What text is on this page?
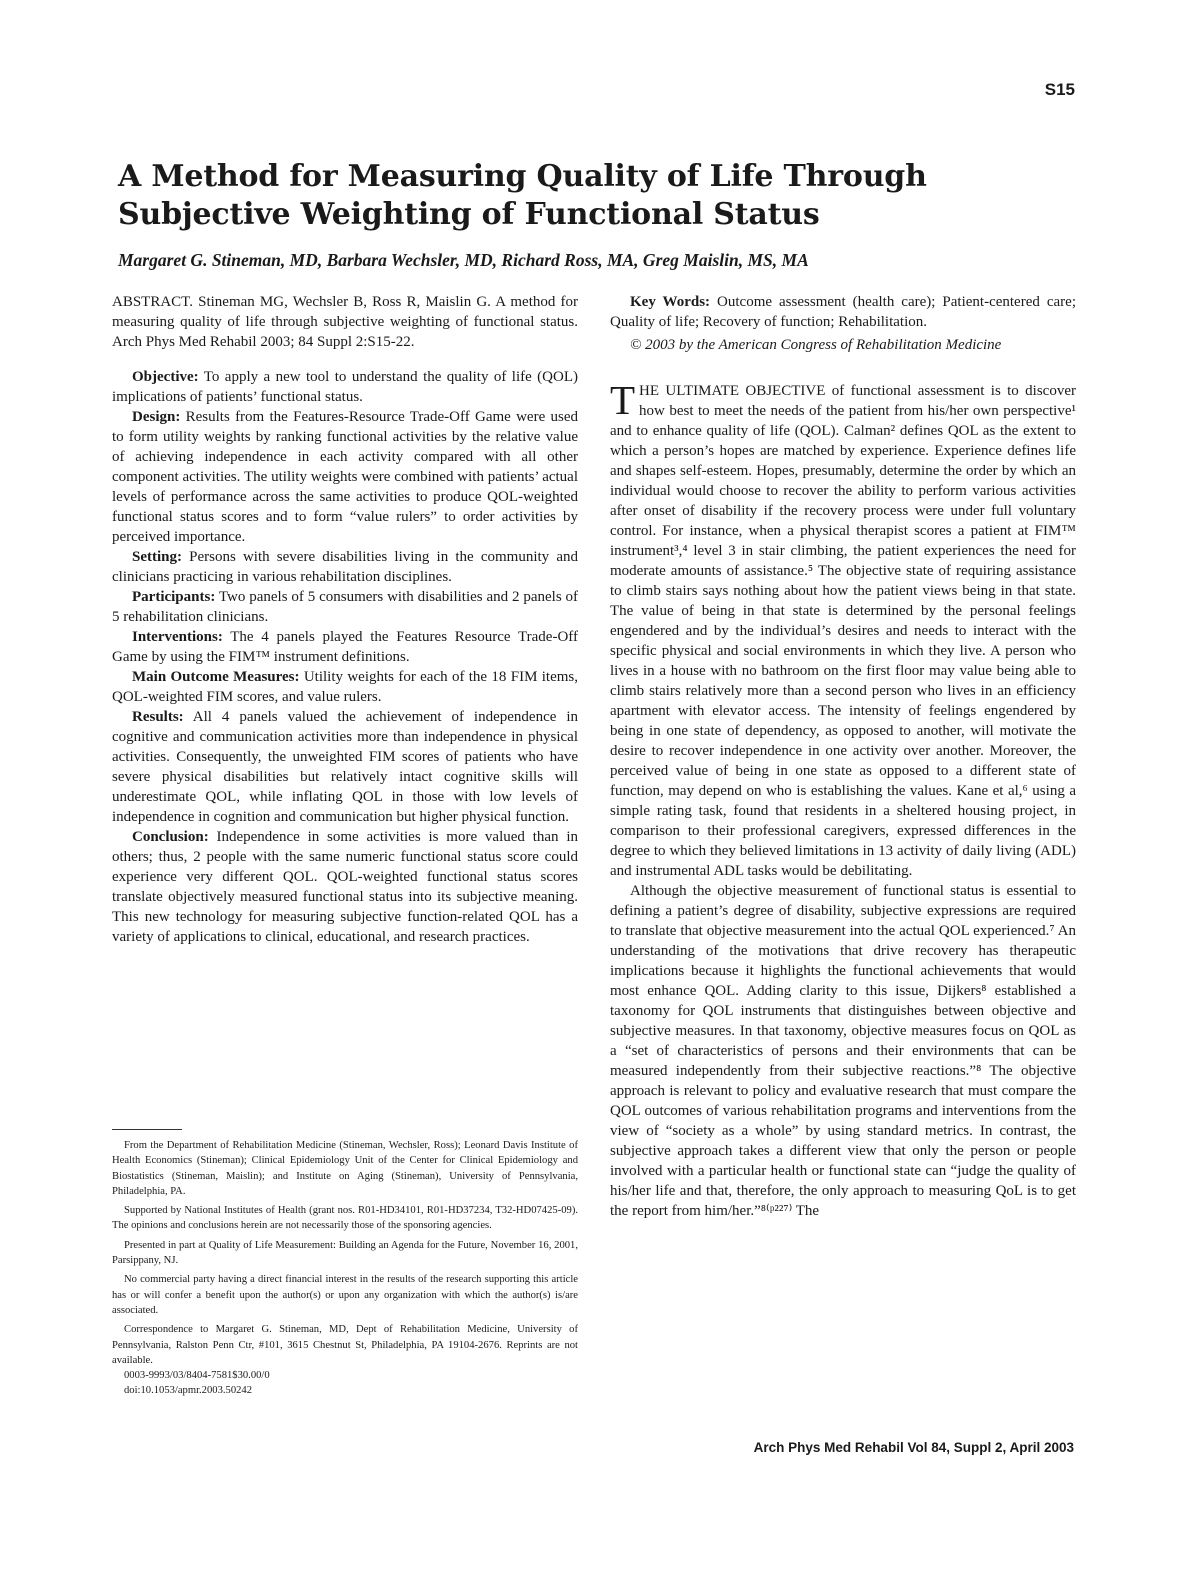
S15
A Method for Measuring Quality of Life Through Subjective Weighting of Functional Status

Margaret G. Stineman, MD, Barbara Wechsler, MD, Richard Ross, MA, Greg Maislin, MS, MA

ABSTRACT. Stineman MG, Wechsler B, Ross R, Maislin G. A method for measuring quality of life through subjective weighting of functional status. Arch Phys Med Rehabil 2003; 84 Suppl 2:S15-22.

Objective: To apply a new tool to understand the quality of life (QOL) implications of patients’ functional status.

Design: Results from the Features-Resource Trade-Off Game were used to form utility weights by ranking functional activities by the relative value of achieving independence in each activity compared with all other component activities. The utility weights were combined with patients’ actual levels of performance across the same activities to produce QOL-weighted functional status scores and to form “value rulers” to order activities by perceived importance.

Setting: Persons with severe disabilities living in the community and clinicians practicing in various rehabilitation disciplines.

Participants: Two panels of 5 consumers with disabilities and 2 panels of 5 rehabilitation clinicians.

Interventions: The 4 panels played the Features Resource Trade-Off Game by using the FIM™ instrument definitions.

Main Outcome Measures: Utility weights for each of the 18 FIM items, QOL-weighted FIM scores, and value rulers.

Results: All 4 panels valued the achievement of independence in cognitive and communication activities more than independence in physical activities. Consequently, the unweighted FIM scores of patients who have severe physical disabilities but relatively intact cognitive skills will underestimate QOL, while inflating QOL in those with low levels of independence in cognition and communication but higher physical function.

Conclusion: Independence in some activities is more valued than in others; thus, 2 people with the same numeric functional status score could experience very different QOL. QOL-weighted functional status scores translate objectively measured functional status into its subjective meaning. This new technology for measuring subjective function-related QOL has a variety of applications to clinical, educational, and research practices.

From the Department of Rehabilitation Medicine (Stineman, Wechsler, Ross); Leonard Davis Institute of Health Economics (Stineman); Clinical Epidemiology Unit of the Center for Clinical Epidemiology and Biostatistics (Stineman, Maislin); and Institute on Aging (Stineman), University of Pennsylvania, Philadelphia, PA.

Supported by National Institutes of Health (grant nos. R01-HD34101, R01-HD37234, T32-HD07425-09). The opinions and conclusions herein are not necessarily those of the sponsoring agencies.

Presented in part at Quality of Life Measurement: Building an Agenda for the Future, November 16, 2001, Parsippany, NJ.

No commercial party having a direct financial interest in the results of the research supporting this article has or will confer a benefit upon the author(s) or upon any organization with which the author(s) is/are associated.

Correspondence to Margaret G. Stineman, MD, Dept of Rehabilitation Medicine, University of Pennsylvania, Ralston Penn Ctr, #101, 3615 Chestnut St, Philadelphia, PA 19104-2676. Reprints are not available.

0003-9993/03/8404-7581$30.00/0

doi:10.1053/apmr.2003.50242

Key Words: Outcome assessment (health care); Patient-centered care; Quality of life; Recovery of function; Rehabilitation.

© 2003 by the American Congress of Rehabilitation Medicine

THE ULTIMATE OBJECTIVE of functional assessment is to discover how best to meet the needs of the patient from his/her own perspective¹ and to enhance quality of life (QOL). Calman² defines QOL as the extent to which a person’s hopes are matched by experience. Experience defines life and shapes self-esteem. Hopes, presumably, determine the order by which an individual would choose to recover the ability to perform various activities after onset of disability if the recovery process were under full voluntary control. For instance, when a physical therapist scores a patient at FIM™ instrument³,⁴ level 3 in stair climbing, the patient experiences the need for moderate amounts of assistance.⁵ The objective state of requiring assistance to climb stairs says nothing about how the patient views being in that state. The value of being in that state is determined by the personal feelings engendered and by the individual’s desires and needs to interact with the specific physical and social environments in which they live. A person who lives in a house with no bathroom on the first floor may value being able to climb stairs relatively more than a second person who lives in an efficiency apartment with elevator access. The intensity of feelings engendered by being in one state of dependency, as opposed to another, will motivate the desire to recover independence in one activity over another. Moreover, the perceived value of being in one state as opposed to a different state of function, may depend on who is establishing the values. Kane et al,⁶ using a simple rating task, found that residents in a sheltered housing project, in comparison to their professional caregivers, expressed differences in the degree to which they believed limitations in 13 activity of daily living (ADL) and instrumental ADL tasks would be debilitating.

Although the objective measurement of functional status is essential to defining a patient’s degree of disability, subjective expressions are required to translate that objective measurement into the actual QOL experienced.⁷ An understanding of the motivations that drive recovery has therapeutic implications because it highlights the functional achievements that would most enhance QOL. Adding clarity to this issue, Dijkers⁸ established a taxonomy for QOL instruments that distinguishes between objective and subjective measures. In that taxonomy, objective measures focus on QOL as a “set of characteristics of persons and their environments that can be measured independently from their subjective reactions.”⁸ The objective approach is relevant to policy and evaluative research that must compare the QOL outcomes of various rehabilitation programs and interventions from the view of “society as a whole” by using standard metrics. In contrast, the subjective approach takes a different view that only the person or people involved with a particular health or functional state can “judge the quality of his/her life and that, therefore, the only approach to measuring QoL is to get the report from him/her.”⁸⁽ᵖ²²⁷⁾ The

Arch Phys Med Rehabil Vol 84, Suppl 2, April 2003
